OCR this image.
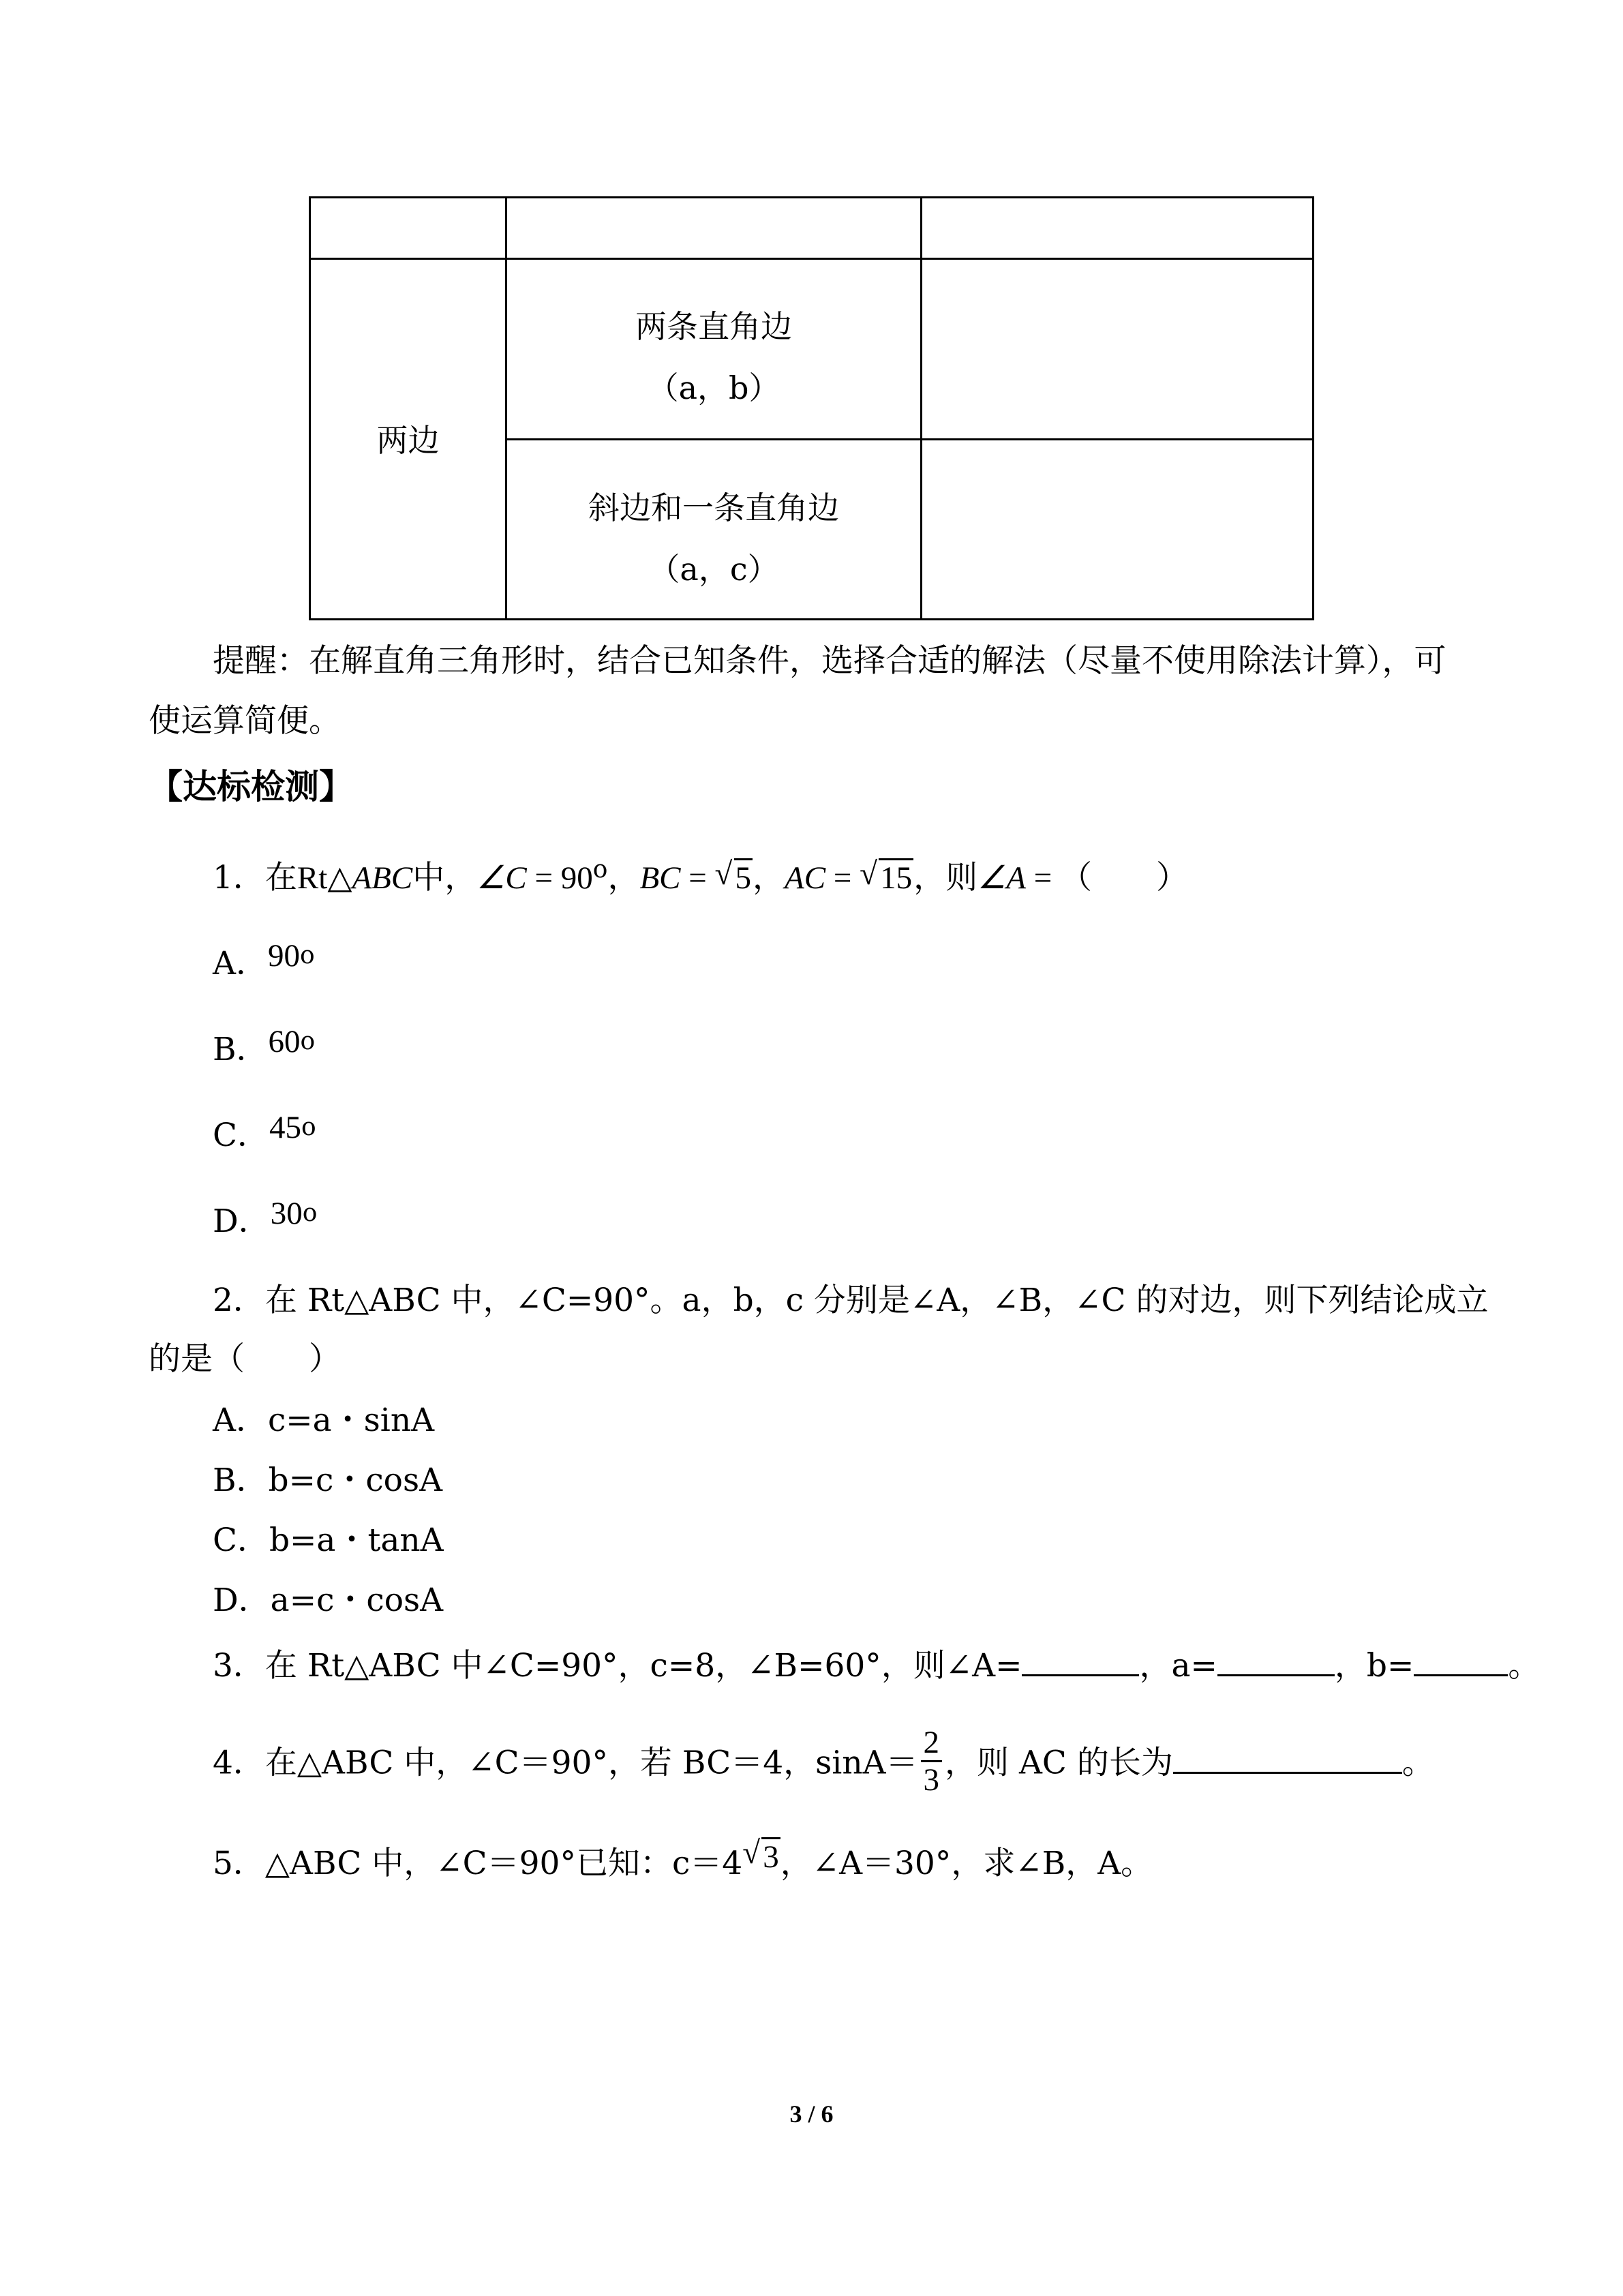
两边
两条直角边
（a，b）
斜边和一条直角边
（a，c）
提醒：在解直角三角形时，结合已知条件，选择合适的解法（尽量不使用除法计算），可
使运算简便。
【达标检测】
1．在Rt△ABC中，∠C = $90^o$，BC = √ 5，AC = √ 15，则∠A = （　　）
A．90$^o$
B．60$^o$
C．45$^o$
D．30$^o$
2．在 Rt△ABC 中，∠C=90°。a，b，c 分别是∠A，∠B，∠C 的对边，则下列结论成立
的是（　　）
A．c=a・sinA
B．b=c・cosA
C．b=a・tanA
D．a=c・cosA
3．在 Rt△ABC 中∠C=90°，c=8，∠B=60°，则∠A=	，a=	，b=	。
4．在△ABC 中，∠C＝90°，若 BC＝4，$\sin A= \frac{2}{3}$ ，则 AC 的长为	。
5．△ABC 中，∠C＝90°已知：c＝4√ 3，∠A＝30°，求∠B，A。
3 / 6
